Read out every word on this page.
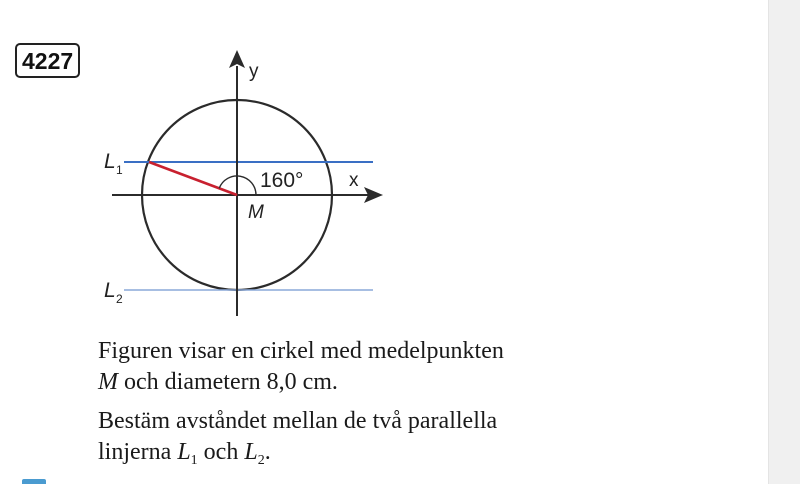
4227	y
x
160°
M
L 1
L 2

Figuren visar en cirkel med medelpunkten
M och diametern 8,0 cm.

Bestäm avståndet mellan de två parallella
linjerna $L_1$ och $L_2$.
